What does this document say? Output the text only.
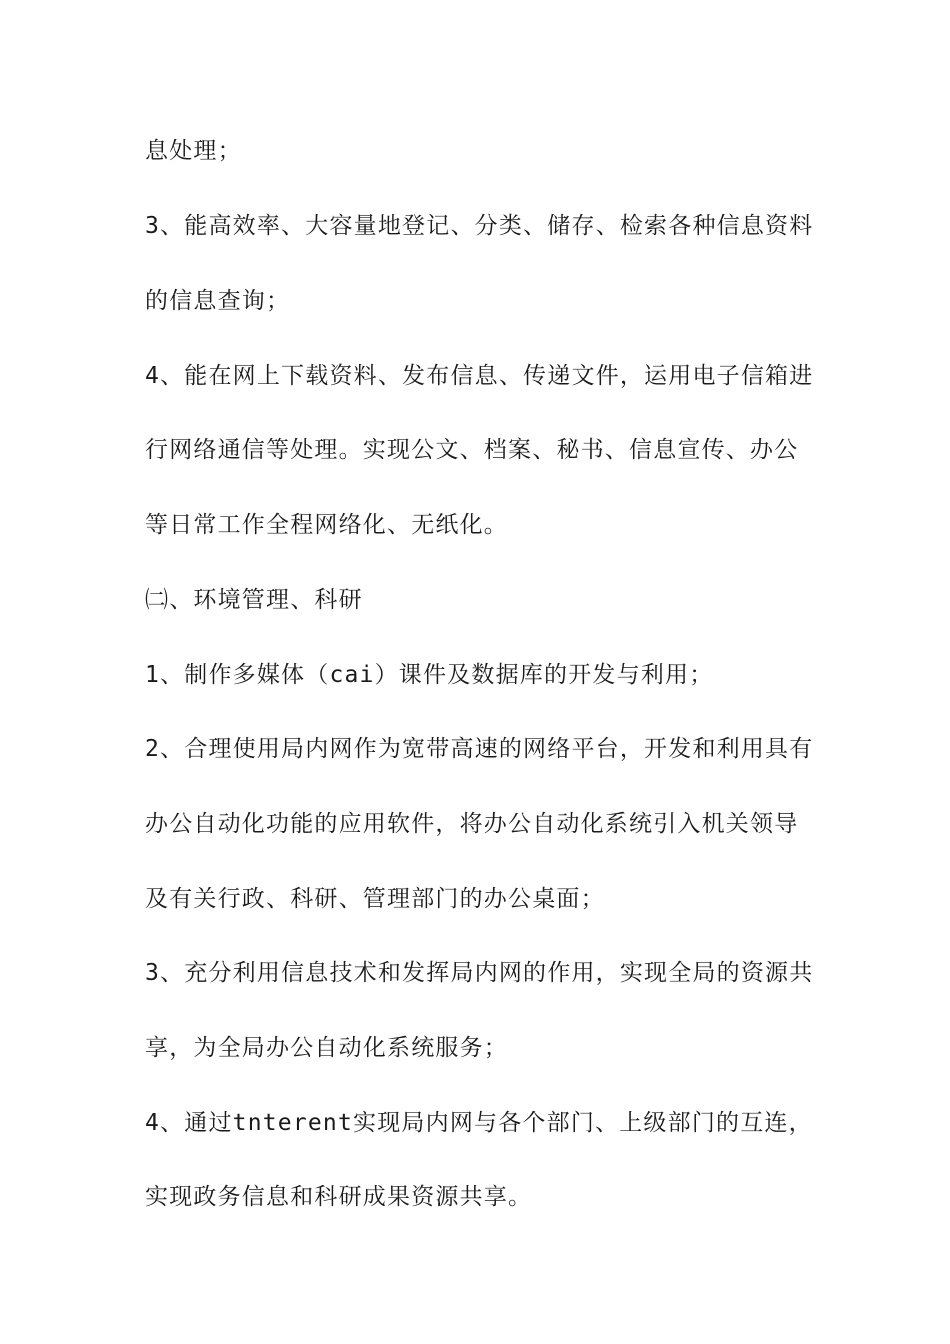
息处理；
3、能高效率、大容量地登记、分类、储存、检索各种信息资料
的信息查询；
4、能在网上下载资料、发布信息、传递文件，运用电子信箱进
行网络通信等处理。实现公文、档案、秘书、信息宣传、办公
等日常工作全程网络化、无纸化。
㈡、环境管理、科研
1、制作多媒体（cai）课件及数据库的开发与利用；
2、合理使用局内网作为宽带高速的网络平台，开发和利用具有
办公自动化功能的应用软件，将办公自动化系统引入机关领导
及有关行政、科研、管理部门的办公桌面；
3、充分利用信息技术和发挥局内网的作用，实现全局的资源共
享，为全局办公自动化系统服务；
4、通过tnterent实现局内网与各个部门、上级部门的互连，
实现政务信息和科研成果资源共享。
